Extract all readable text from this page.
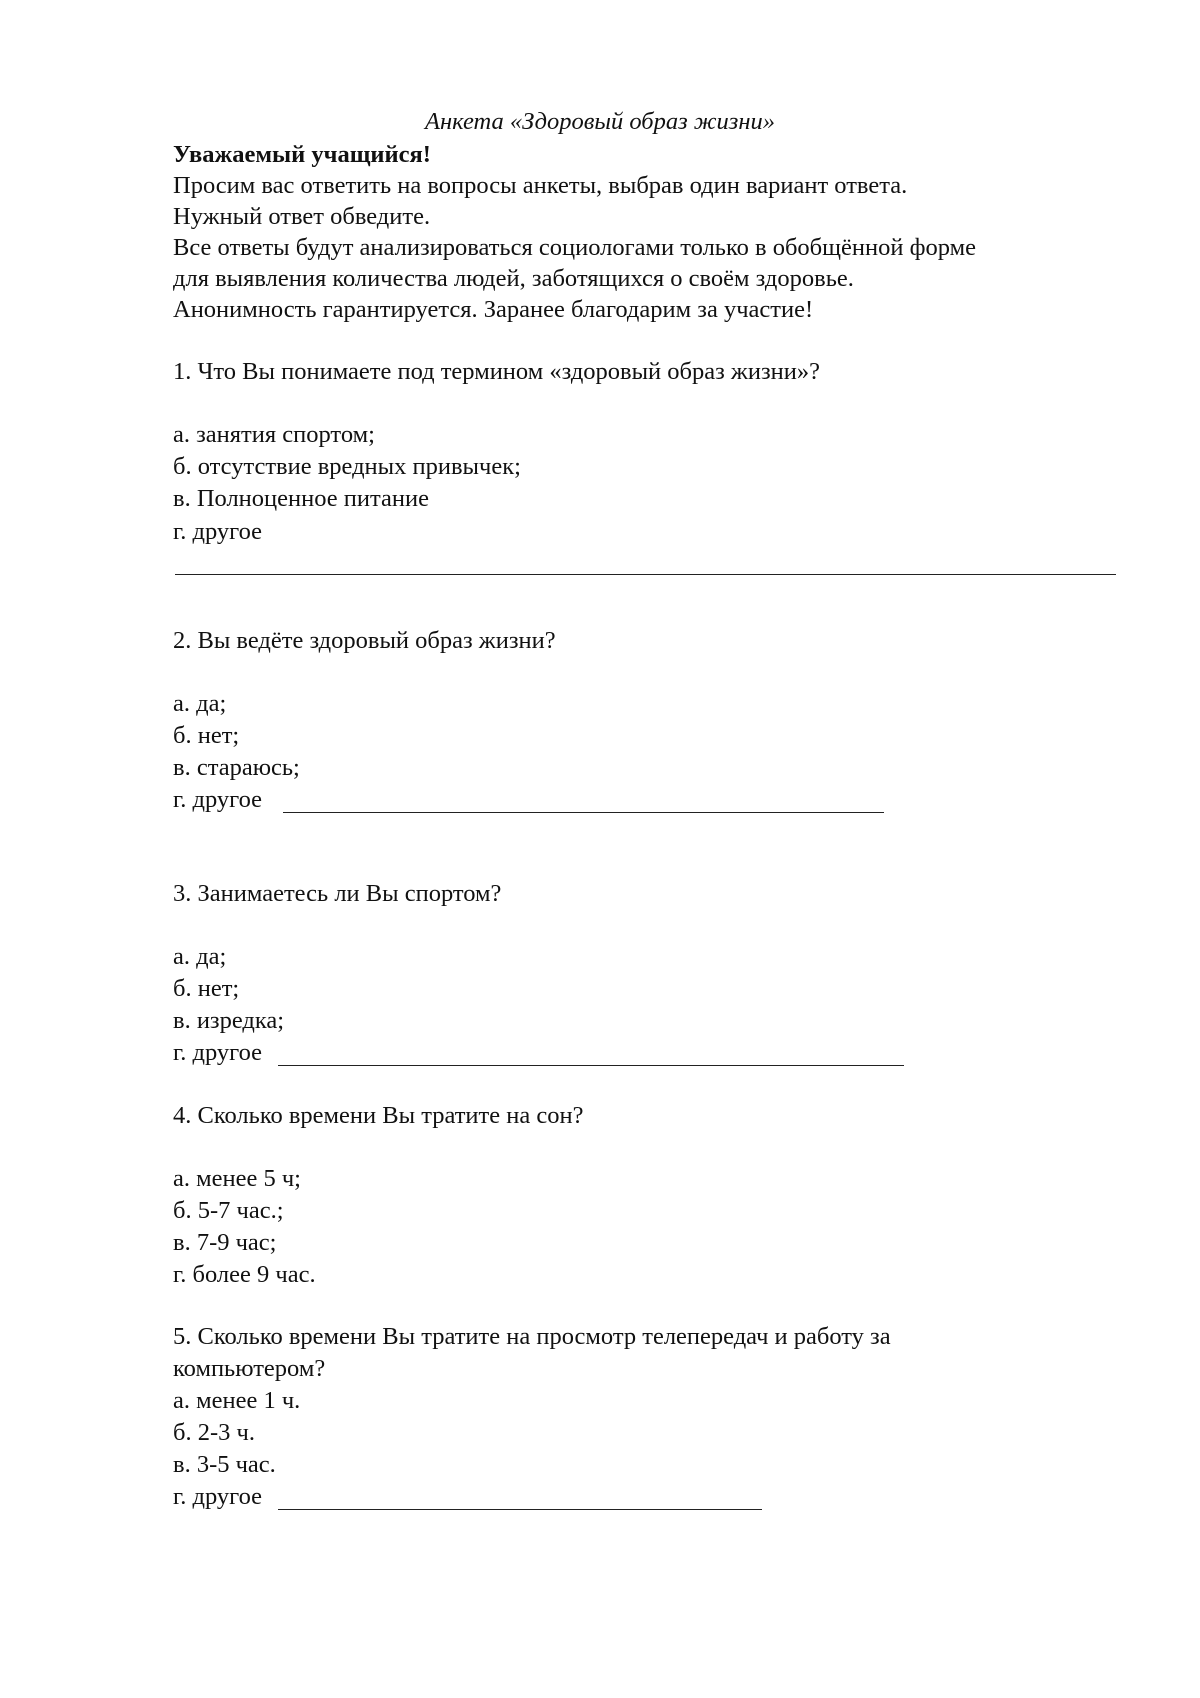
Анкета «Здоровый образ жизни»
Уважаемый учащийся!
Просим вас ответить на вопросы анкеты, выбрав один вариант ответа.
Нужный ответ обведите.
Все ответы будут анализироваться социологами только в обобщённой форме
для выявления количества людей, заботящихся о своём здоровье.
Анонимность гарантируется. Заранее благодарим за участие!
1. Что Вы понимаете под термином «здоровый образ жизни»?
а. занятия спортом;
б. отсутствие вредных привычек;
в. Полноценное питание
г. другое
2. Вы ведёте здоровый образ жизни?
а. да;
б. нет;
в. стараюсь;
г. другое
3. Занимаетесь ли Вы спортом?
а. да;
б. нет;
в. изредка;
г. другое
4. Сколько времени Вы тратите на сон?
а. менее 5 ч;
б. 5-7 час.;
в. 7-9 час;
г. более 9 час.
5. Сколько времени Вы тратите на просмотр телепередач и работу за
компьютером?
а. менее 1 ч.
б. 2-3 ч.
в. 3-5 час.
г. другое
